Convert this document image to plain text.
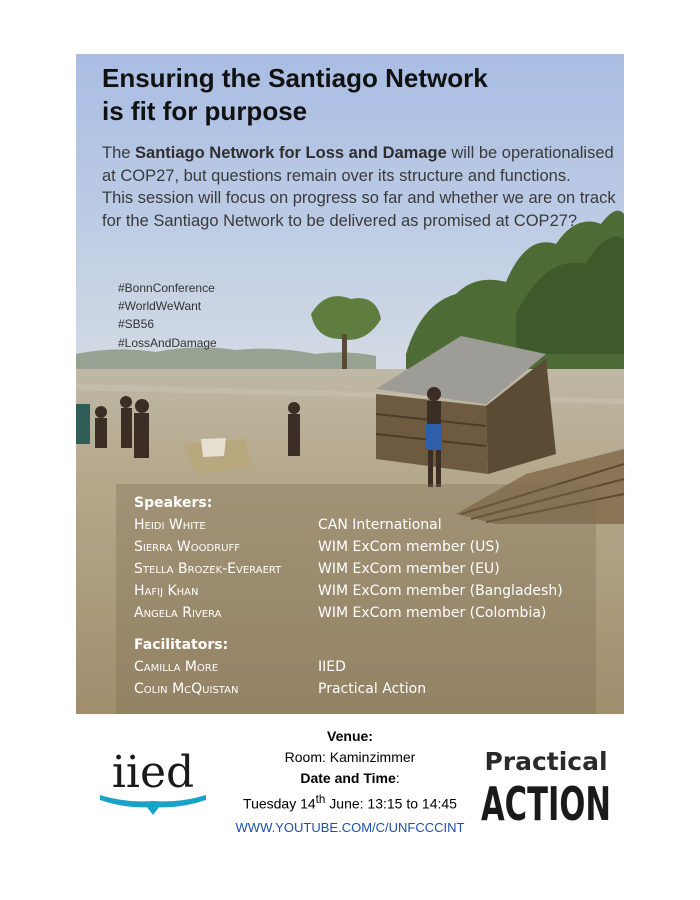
Ensuring the Santiago Network
is fit for purpose
The Santiago Network for Loss and Damage will be operationalised at COP27, but questions remain over its structure and functions.
This session will focus on progress so far and whether we are on track for the Santiago Network to be delivered as promised at COP27?
#BonnConference
#WorldWeWant
#SB56
#LossAndDamage
Speakers:
Heidi White	CAN International
Sierra Woodruff	WIM ExCom member (US)
Stella Brozek-Everaert	WIM ExCom member (EU)
Hafij Khan	WIM ExCom member (Bangladesh)
Angela Rivera	WIM ExCom member (Colombia)
Facilitators:
Camilla More	IIED
Colin McQuistan	Practical Action
iied
Venue:
Room: Kaminzimmer
Date and Time:
Tuesday 14th June: 13:15 to 14:45
WWW.YOUTUBE.COM/C/UNFCCCINT
Practical
ACTION
